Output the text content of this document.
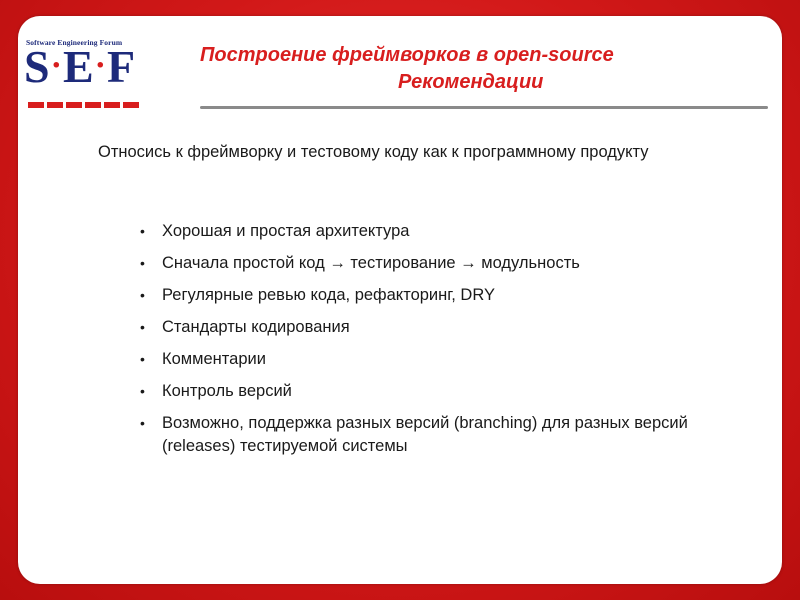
Software Engineering Forum
S·E·F	Построение фреймворков в open-source
Рекомендации
Относись к фреймворку и тестовому коду как к программному продукту
• Хорошая и простая архитектура
• Сначала простой код → тестирование → модульность
• Регулярные ревью кода, рефакторинг, DRY
• Стандарты кодирования
• Комментарии
• Контроль версий
• Возможно, поддержка разных версий (branching) для разных версий (releases) тестируемой системы
